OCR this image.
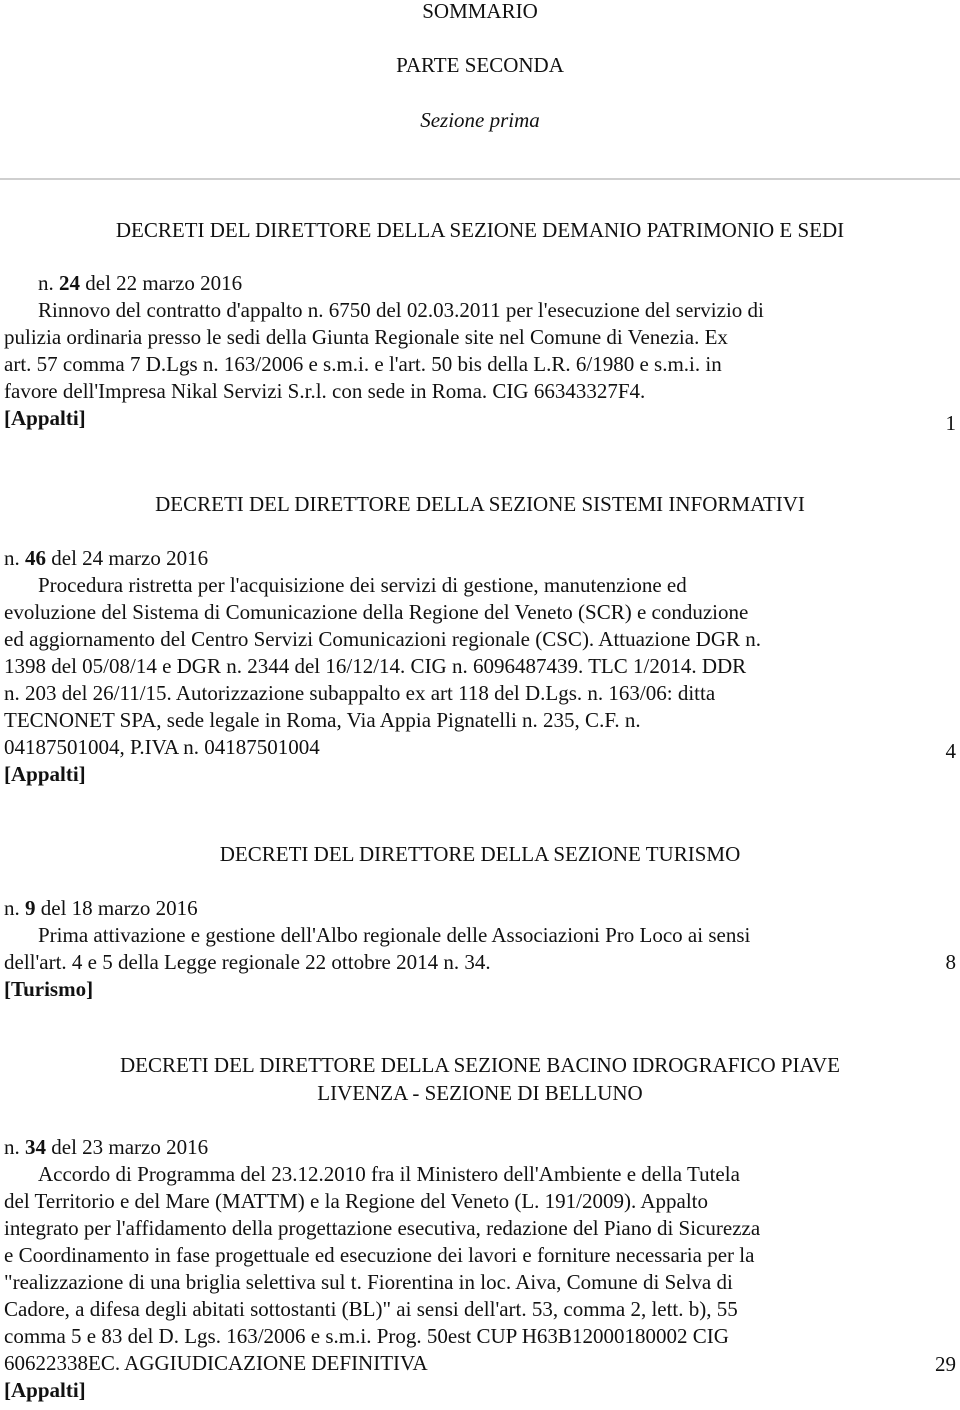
SOMMARIO
PARTE SECONDA
Sezione prima
DECRETI DEL DIRETTORE DELLA SEZIONE DEMANIO PATRIMONIO E SEDI
n. 24 del 22 marzo 2016
Rinnovo del contratto d'appalto n. 6750 del 02.03.2011 per l'esecuzione del servizio di
pulizia ordinaria presso le sedi della Giunta Regionale site nel Comune di Venezia. Ex
art. 57 comma 7 D.Lgs n. 163/2006 e s.m.i. e l'art. 50 bis della L.R. 6/1980 e s.m.i. in
favore dell'Impresa Nikal Servizi S.r.l. con sede in Roma. CIG 66343327F4.
[Appalti]	1
DECRETI DEL DIRETTORE DELLA SEZIONE SISTEMI INFORMATIVI
n. 46 del 24 marzo 2016
Procedura ristretta per l'acquisizione dei servizi di gestione, manutenzione ed
evoluzione del Sistema di Comunicazione della Regione del Veneto (SCR) e conduzione
ed aggiornamento del Centro Servizi Comunicazioni regionale (CSC). Attuazione DGR n.
1398 del 05/08/14 e DGR n. 2344 del 16/12/14. CIG n. 6096487439. TLC 1/2014. DDR
n. 203 del 26/11/15. Autorizzazione subappalto ex art 118 del D.Lgs. n. 163/06: ditta
TECNONET SPA, sede legale in Roma, Via Appia Pignatelli n. 235, C.F. n.
04187501004, P.IVA n. 04187501004
[Appalti]
4
DECRETI DEL DIRETTORE DELLA SEZIONE TURISMO
n. 9 del 18 marzo 2016
Prima attivazione e gestione dell'Albo regionale delle Associazioni Pro Loco ai sensi
dell'art. 4 e 5 della Legge regionale 22 ottobre 2014 n. 34.
[Turismo]
8
DECRETI DEL DIRETTORE DELLA SEZIONE BACINO IDROGRAFICO PIAVE
LIVENZA - SEZIONE DI BELLUNO
n. 34 del 23 marzo 2016
Accordo di Programma del 23.12.2010 fra il Ministero dell'Ambiente e della Tutela
del Territorio e del Mare (MATTM) e la Regione del Veneto (L. 191/2009). Appalto
integrato per l'affidamento della progettazione esecutiva, redazione del Piano di Sicurezza
e Coordinamento in fase progettuale ed esecuzione dei lavori e forniture necessaria per la
"realizzazione di una briglia selettiva sul t. Fiorentina in loc. Aiva, Comune di Selva di
Cadore, a difesa degli abitati sottostanti (BL)" ai sensi dell'art. 53, comma 2, lett. b), 55
comma 5 e 83 del D. Lgs. 163/2006 e s.m.i. Prog. 50est CUP H63B12000180002 CIG
60622338EC. AGGIUDICAZIONE DEFINITIVA
[Appalti]
29
